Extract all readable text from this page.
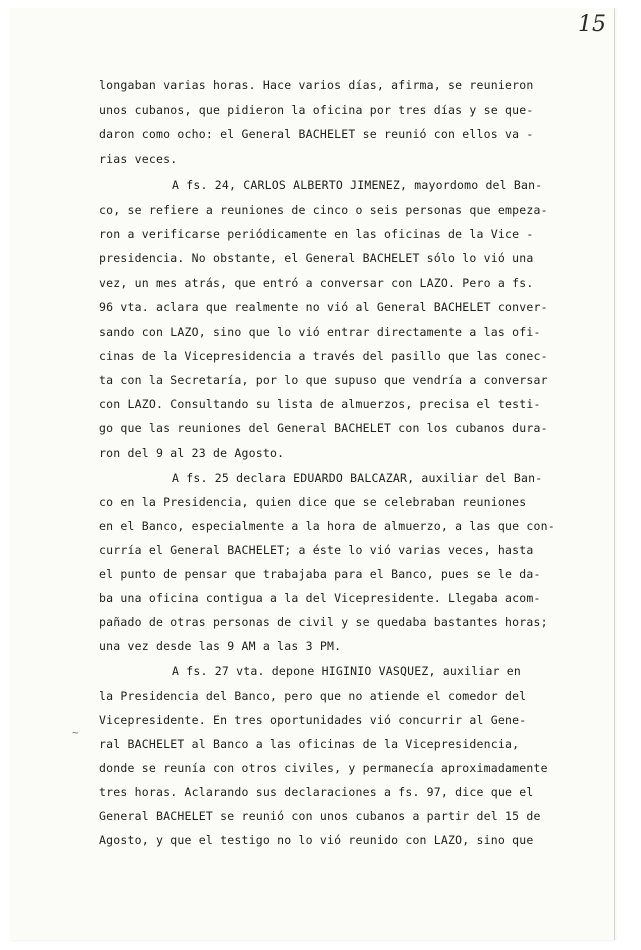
15
~
longaban varias horas. Hace varios días, afirma, se reunieron
unos cubanos, que pidieron la oficina por tres días y se que-
daron como ocho: el General BACHELET se reunió con ellos va -
rias veces.
A fs. 24, CARLOS ALBERTO JIMENEZ, mayordomo del Ban-
co, se refiere a reuniones de cinco o seis personas que empeza-
ron a verificarse periódicamente en las oficinas de la Vice -
presidencia. No obstante, el General BACHELET sólo lo vió una
vez, un mes atrás, que entró a conversar con LAZO. Pero a fs.
96 vta. aclara que realmente no vió al General BACHELET conver-
sando con LAZO, sino que lo vió entrar directamente a las ofi-
cinas de la Vicepresidencia a través del pasillo que las conec-
ta con la Secretaría, por lo que supuso que vendría a conversar
con LAZO. Consultando su lista de almuerzos, precisa el testi-
go que las reuniones del General BACHELET con los cubanos dura-
ron del 9 al 23 de Agosto.
A fs. 25 declara EDUARDO BALCAZAR, auxiliar del Ban-
co en la Presidencia, quien dice que se celebraban reuniones
en el Banco, especialmente a la hora de almuerzo, a las que con-
curría el General BACHELET; a éste lo vió varias veces, hasta
el punto de pensar que trabajaba para el Banco, pues se le da-
ba una oficina contigua a la del Vicepresidente. Llegaba acom-
pañado de otras personas de civil y se quedaba bastantes horas;
una vez desde las 9 AM a las 3 PM.
A fs. 27 vta. depone HIGINIO VASQUEZ, auxiliar en
la Presidencia del Banco, pero que no atiende el comedor del
Vicepresidente. En tres oportunidades vió concurrir al Gene-
ral BACHELET al Banco a las oficinas de la Vicepresidencia,
donde se reunía con otros civiles, y permanecía aproximadamente
tres horas. Aclarando sus declaraciones a fs. 97, dice que el
General BACHELET se reunió con unos cubanos a partir del 15 de
Agosto, y que el testigo no lo vió reunido con LAZO, sino que
